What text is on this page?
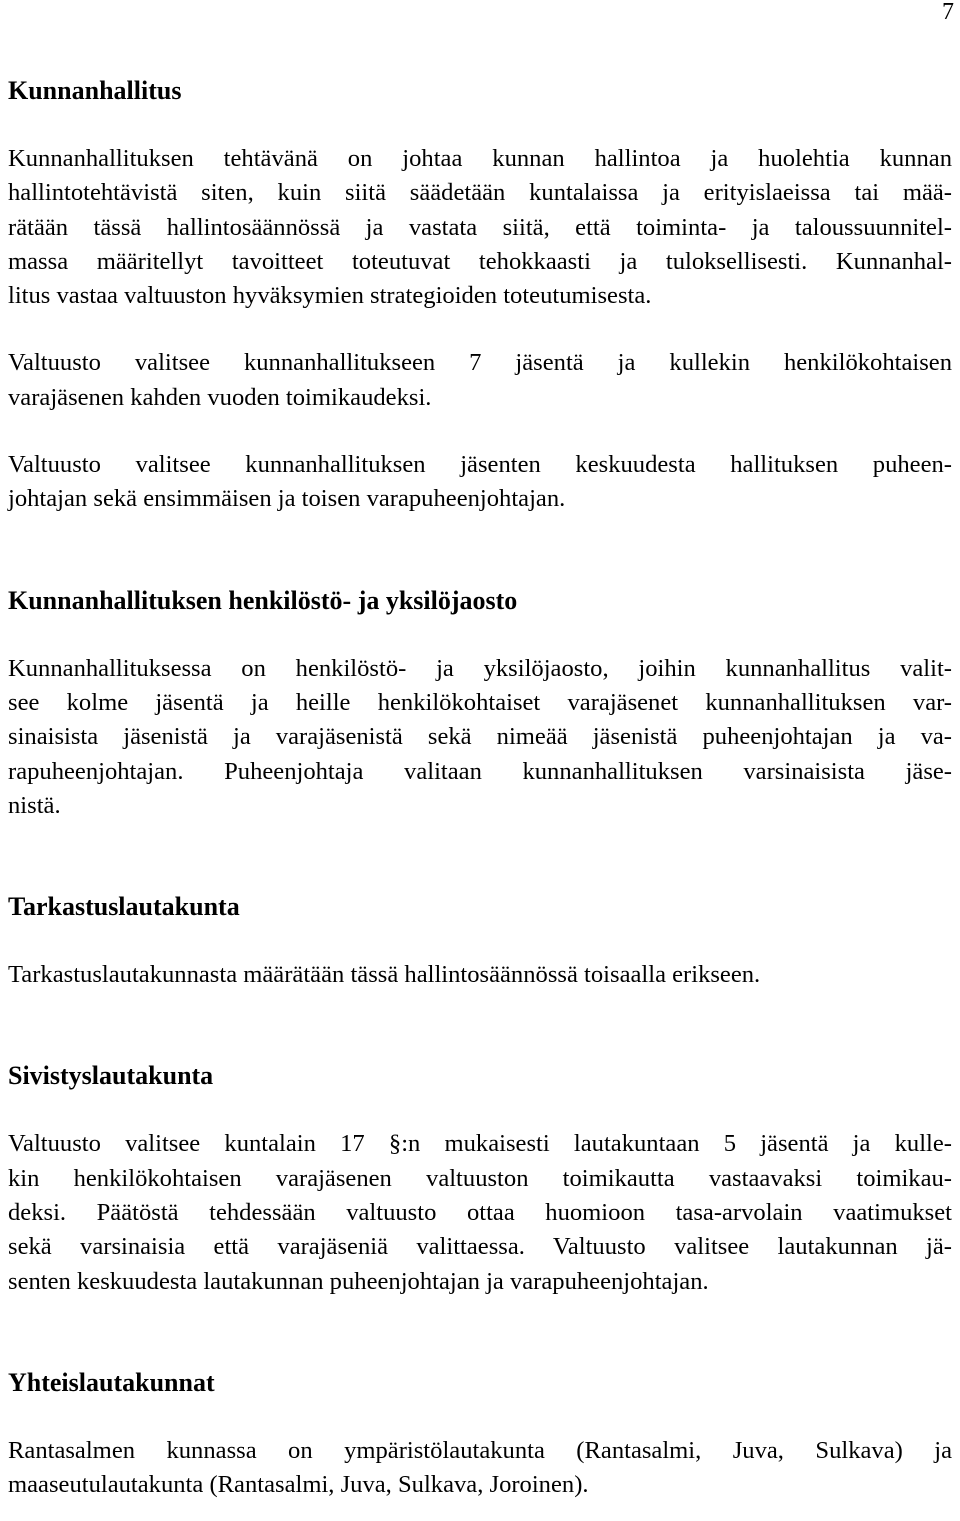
7
Kunnanhallitus

Kunnanhallituksen tehtävänä on johtaa kunnan hallintoa ja huolehtia kunnan
hallintotehtävistä siten, kuin siitä säädetään kuntalaissa ja erityislaeissa tai mää-
rätään tässä hallintosäännössä ja vastata siitä, että toiminta- ja taloussuunnitel-
massa määritellyt tavoitteet toteutuvat tehokkaasti ja tuloksellisesti. Kunnanhal-
litus vastaa valtuuston hyväksymien strategioiden toteutumisesta.

Valtuusto valitsee kunnanhallitukseen 7 jäsentä ja kullekin henkilökohtaisen
varajäsenen kahden vuoden toimikaudeksi.

Valtuusto valitsee kunnanhallituksen jäsenten keskuudesta hallituksen puheen-
johtajan sekä ensimmäisen ja toisen varapuheenjohtajan.

Kunnanhallituksen henkilöstö- ja yksilöjaosto

Kunnanhallituksessa on henkilöstö- ja yksilöjaosto, joihin kunnanhallitus valit-
see kolme jäsentä ja heille henkilökohtaiset varajäsenet kunnanhallituksen var-
sinaisista jäsenistä ja varajäsenistä sekä nimeää jäsenistä puheenjohtajan ja va-
rapuheenjohtajan. Puheenjohtaja valitaan kunnanhallituksen varsinaisista jäse-
nistä.

Tarkastuslautakunta

Tarkastuslautakunnasta määrätään tässä hallintosäännössä toisaalla erikseen.

Sivistyslautakunta

Valtuusto valitsee kuntalain 17 §:n mukaisesti lautakuntaan 5 jäsentä ja kulle-
kin henkilökohtaisen varajäsenen valtuuston toimikautta vastaavaksi toimikau-
deksi. Päätöstä tehdessään valtuusto ottaa huomioon tasa-arvolain vaatimukset
sekä varsinaisia että varajäseniä valittaessa. Valtuusto valitsee lautakunnan jä-
senten keskuudesta lautakunnan puheenjohtajan ja varapuheenjohtajan.

Yhteislautakunnat

Rantasalmen kunnassa on ympäristölautakunta (Rantasalmi, Juva, Sulkava) ja
maaseutulautakunta (Rantasalmi, Juva, Sulkava, Joroinen).
